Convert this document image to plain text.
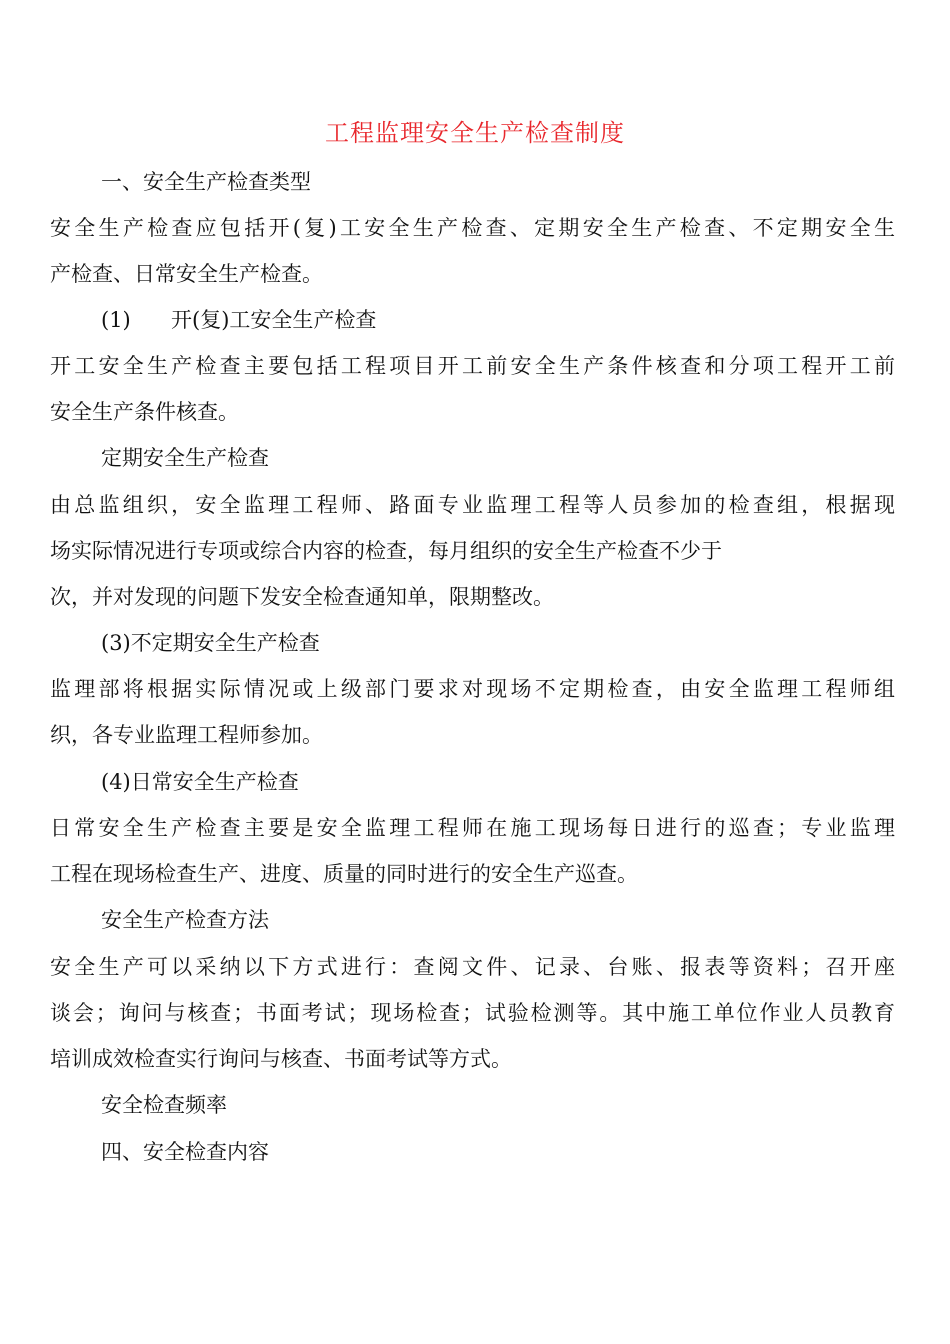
工程监理安全生产检查制度

一、安全生产检查类型

安全生产检查应包括开(复)工安全生产检查、定期安全生产检查、不定期安全生

产检查、日常安全生产检查。

(1) 开(复)工安全生产检查

开工安全生产检查主要包括工程项目开工前安全生产条件核查和分项工程开工前

安全生产条件核查。

定期安全生产检查

由总监组织，安全监理工程师、路面专业监理工程等人员参加的检查组，根据现

场实际情况进行专项或综合内容的检查，每月组织的安全生产检查不少于

次，并对发现的问题下发安全检查通知单，限期整改。

(3)不定期安全生产检查

监理部将根据实际情况或上级部门要求对现场不定期检查，由安全监理工程师组

织，各专业监理工程师参加。

(4)日常安全生产检查

日常安全生产检查主要是安全监理工程师在施工现场每日进行的巡查；专业监理

工程在现场检查生产、进度、质量的同时进行的安全生产巡查。

安全生产检查方法

安全生产可以采纳以下方式进行：查阅文件、记录、台账、报表等资料；召开座

谈会；询问与核查；书面考试；现场检查；试验检测等。其中施工单位作业人员教育

培训成效检查实行询问与核查、书面考试等方式。

安全检查频率

四、安全检查内容
